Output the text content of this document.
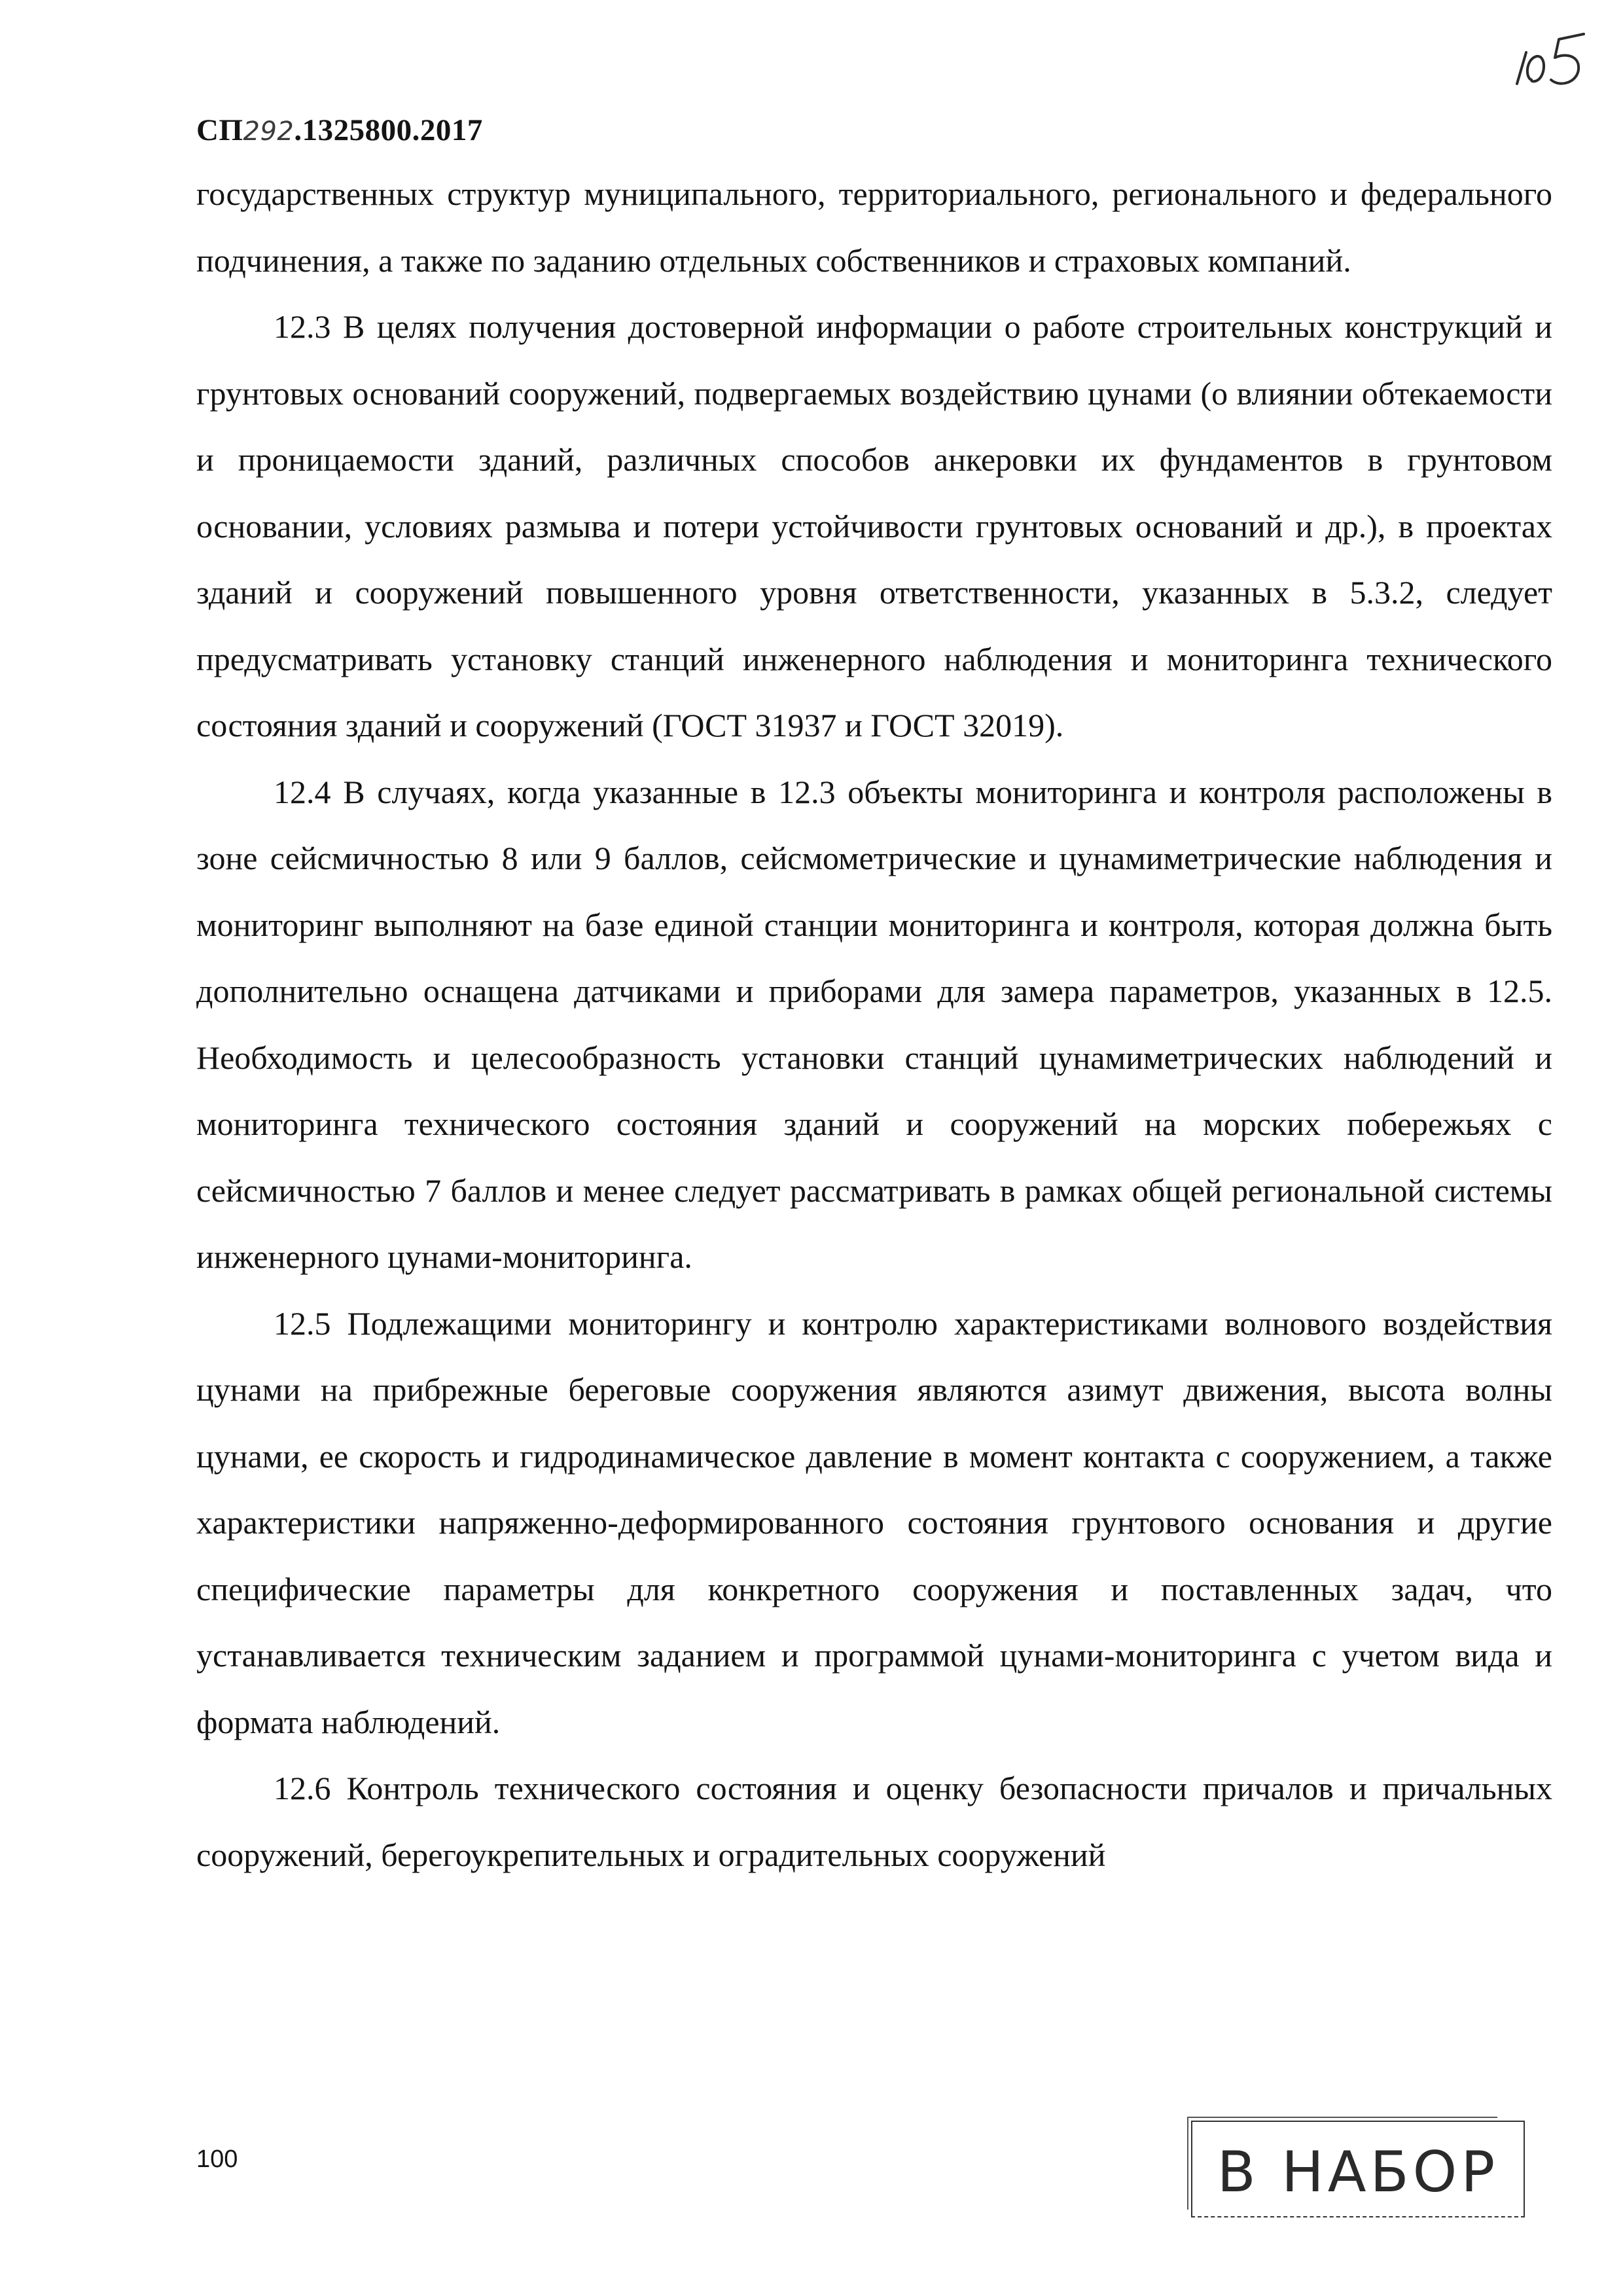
СП292.1325800.2017

государственных структур муниципального, территориального, регионального и федерального подчинения, а также по заданию отдельных собственников и страховых компаний.

12.3 В целях получения достоверной информации о работе строительных конструкций и грунтовых оснований сооружений, подвергаемых воздействию цунами (о влиянии обтекаемости и проницаемости зданий, различных способов анкеровки их фундаментов в грунтовом основании, условиях размыва и потери устойчивости грунтовых оснований и др.), в проектах зданий и сооружений повышенного уровня ответственности, указанных в 5.3.2, следует предусматривать установку станций инженерного наблюдения и мониторинга технического состояния зданий и сооружений (ГОСТ 31937 и ГОСТ 32019).

12.4 В случаях, когда указанные в 12.3 объекты мониторинга и контроля расположены в зоне сейсмичностью 8 или 9 баллов, сейсмометрические и цунамиметрические наблюдения и мониторинг выполняют на базе единой станции мониторинга и контроля, которая должна быть дополнительно оснащена датчиками и приборами для замера параметров, указанных в 12.5. Необходимость и целесообразность установки станций цунамиметрических наблюдений и мониторинга технического состояния зданий и сооружений на морских побережьях с сейсмичностью 7 баллов и менее следует рассматривать в рамках общей региональной системы инженерного цунами-мониторинга.

12.5 Подлежащими мониторингу и контролю характеристиками волнового воздействия цунами на прибрежные береговые сооружения являются азимут движения, высота волны цунами, ее скорость и гидродинамическое давление в момент контакта с сооружением, а также характеристики напряженно-деформированного состояния грунтового основания и другие специфические параметры для конкретного сооружения и поставленных задач, что устанавливается техническим заданием и программой цунами-мониторинга с учетом вида и формата наблюдений.

12.6 Контроль технического состояния и оценку безопасности причалов и причальных сооружений, берегоукрепительных и оградительных сооружений

100	В НАБОР
